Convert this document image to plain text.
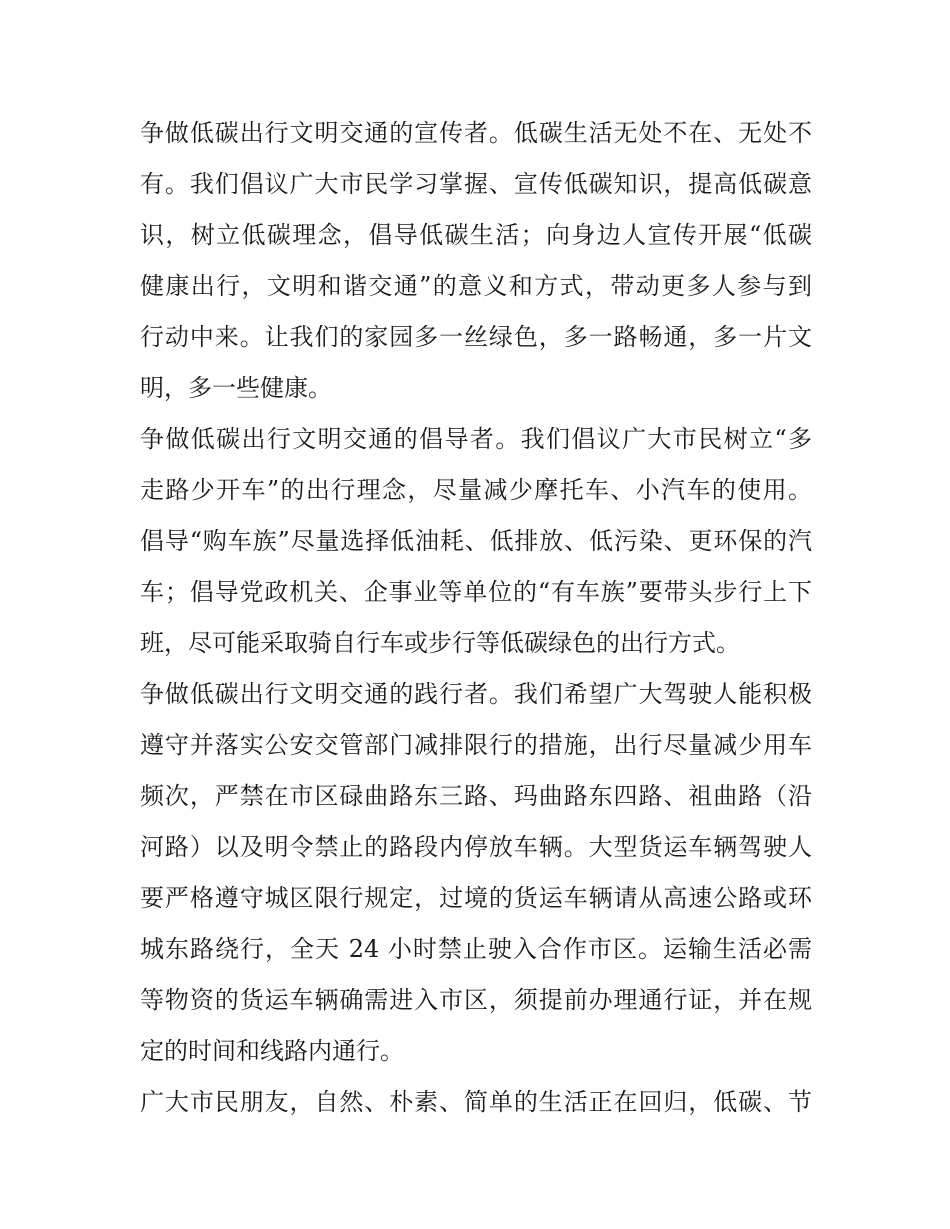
争做低碳出行文明交通的宣传者。低碳生活无处不在、无处不
有。我们倡议广大市民学习掌握、宣传低碳知识，提高低碳意
识，树立低碳理念，倡导低碳生活；向身边人宣传开展“低碳
健康出行，文明和谐交通”的意义和方式，带动更多人参与到
行动中来。让我们的家园多一丝绿色，多一路畅通，多一片文
明，多一些健康。
争做低碳出行文明交通的倡导者。我们倡议广大市民树立“多
走路少开车”的出行理念，尽量减少摩托车、小汽车的使用。
倡导“购车族”尽量选择低油耗、低排放、低污染、更环保的汽
车；倡导党政机关、企事业等单位的“有车族”要带头步行上下
班，尽可能采取骑自行车或步行等低碳绿色的出行方式。
争做低碳出行文明交通的践行者。我们希望广大驾驶人能积极
遵守并落实公安交管部门减排限行的措施，出行尽量减少用车
频次，严禁在市区碌曲路东三路、玛曲路东四路、祖曲路（沿
河路）以及明令禁止的路段内停放车辆。大型货运车辆驾驶人
要严格遵守城区限行规定，过境的货运车辆请从高速公路或环
城东路绕行，全天 24 小时禁止驶入合作市区。运输生活必需
等物资的货运车辆确需进入市区，须提前办理通行证，并在规
定的时间和线路内通行。
广大市民朋友，自然、朴素、简单的生活正在回归，低碳、节
